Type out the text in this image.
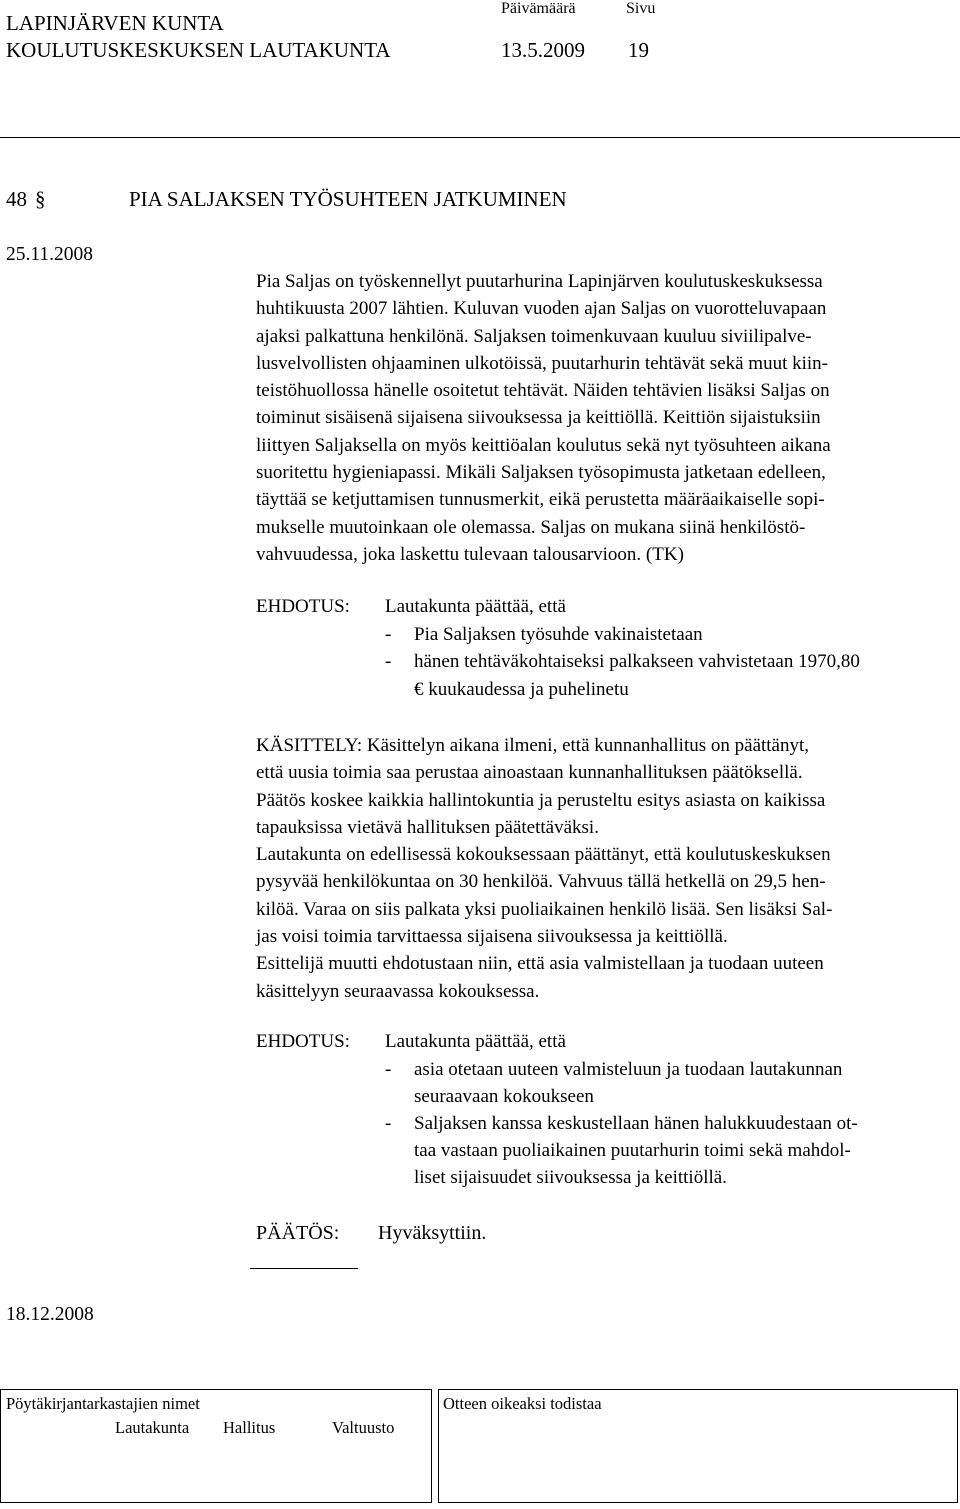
LAPINJÄRVEN KUNTA
Päivämäärä	Sivu
KOULUTUSKESKUKSEN LAUTAKUNTA	13.5.2009 19
48 §	PIA SALJAKSEN TYÖSUHTEEN JATKUMINEN
25.11.2008
Pia Saljas on työskennellyt puutarhurina Lapinjärven koulutuskeskuksessa
huhtikuusta 2007 lähtien. Kuluvan vuoden ajan Saljas on vuorotteluvapaan
ajaksi palkattuna henkilönä. Saljaksen toimenkuvaan kuuluu siviilipalve-
lusvelvollisten ohjaaminen ulkotöissä, puutarhurin tehtävät sekä muut kiin-
teistöhuollossa hänelle osoitetut tehtävät. Näiden tehtävien lisäksi Saljas on
toiminut sisäisenä sijaisena siivouksessa ja keittiöllä. Keittiön sijaistuksiin
liittyen Saljaksella on myös keittiöalan koulutus sekä nyt työsuhteen aikana
suoritettu hygieniapassi. Mikäli Saljaksen työsopimusta jatketaan edelleen,
täyttää se ketjuttamisen tunnusmerkit, eikä perustetta määräaikaiselle sopi-
mukselle muutoinkaan ole olemassa. Saljas on mukana siinä henkilöstö-
vahvuudessa, joka laskettu tulevaan talousarvioon. (TK)
EHDOTUS: Lautakunta päättää, että
- Pia Saljaksen työsuhde vakinaistetaan
- hänen tehtäväkohtaiseksi palkakseen vahvistetaan 1970,80
€ kuukaudessa ja puhelinetu
KÄSITTELY: Käsittelyn aikana ilmeni, että kunnanhallitus on päättänyt,
että uusia toimia saa perustaa ainoastaan kunnanhallituksen päätöksellä.
Päätös koskee kaikkia hallintokuntia ja perusteltu esitys asiasta on kaikissa
tapauksissa vietävä hallituksen päätettäväksi.
Lautakunta on edellisessä kokouksessaan päättänyt, että koulutuskeskuksen
pysyvää henkilökuntaa on 30 henkilöä. Vahvuus tällä hetkellä on 29,5 hen-
kilöä. Varaa on siis palkata yksi puoliaikainen henkilö lisää. Sen lisäksi Sal-
jas voisi toimia tarvittaessa sijaisena siivouksessa ja keittiöllä.
Esittelijä muutti ehdotustaan niin, että asia valmistellaan ja tuodaan uuteen
käsittelyyn seuraavassa kokouksessa.
EHDOTUS: Lautakunta päättää, että
- asia otetaan uuteen valmisteluun ja tuodaan lautakunnan
seuraavaan kokoukseen
- Saljaksen kanssa keskustellaan hänen halukkuudestaan ot-
taa vastaan puoliaikainen puutarhurin toimi sekä mahdol-
liset sijaisuudet siivouksessa ja keittiöllä.
PÄÄTÖS: Hyväksyttiin.
18.12.2008
Pöytäkirjantarkastajien nimet	Otteen oikeaksi todistaa
Lautakunta Hallitus	Valtuusto
